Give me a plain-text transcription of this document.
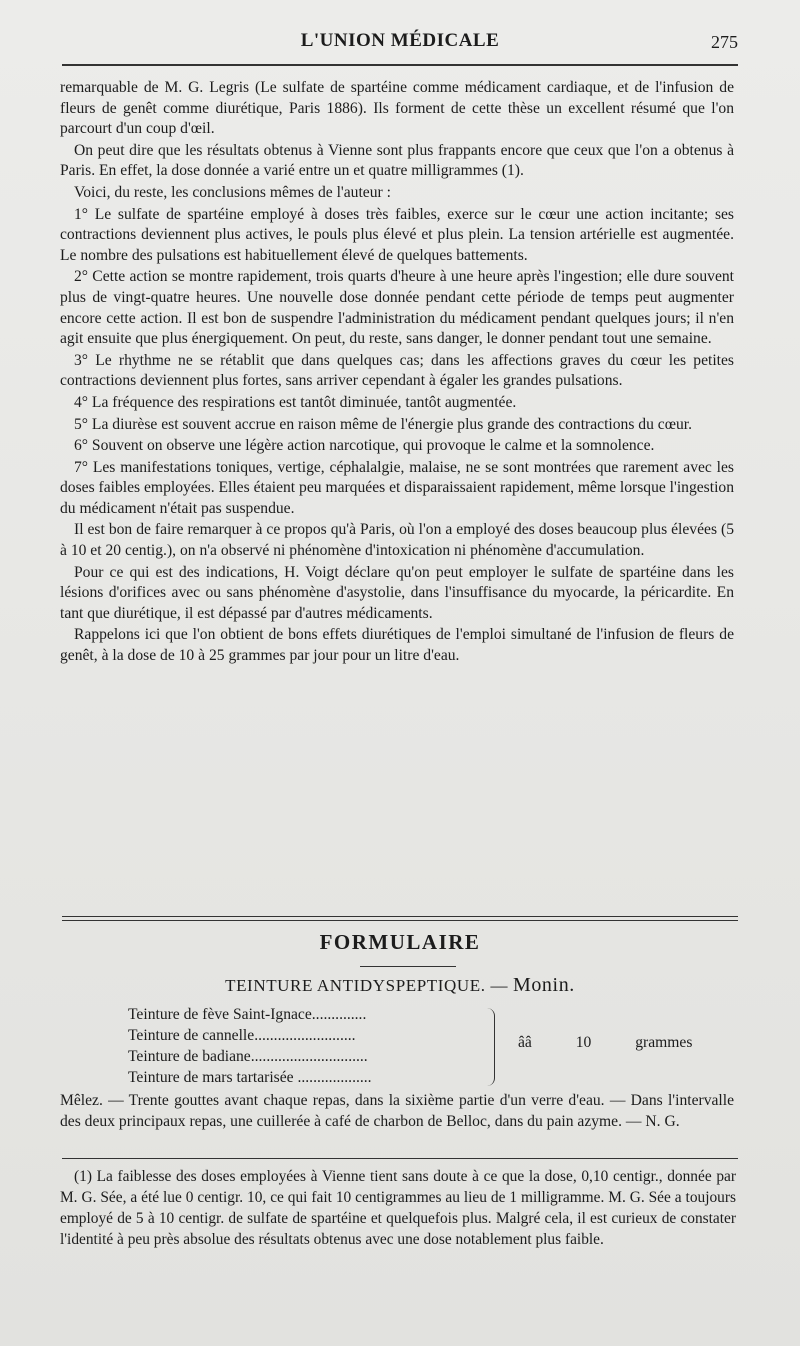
L'UNION MÉDICALE	275

remarquable de M. G. Legris (Le sulfate de spartéine comme médicament cardiaque, et de l'infusion de fleurs de genêt comme diurétique, Paris 1886). Ils forment de cette thèse un excellent résumé que l'on parcourt d'un coup d'œil.

On peut dire que les résultats obtenus à Vienne sont plus frappants encore que ceux que l'on a obtenus à Paris. En effet, la dose donnée a varié entre un et quatre milligrammes (1).

Voici, du reste, les conclusions mêmes de l'auteur :

1° Le sulfate de spartéine employé à doses très faibles, exerce sur le cœur une action incitante; ses contractions deviennent plus actives, le pouls plus élevé et plus plein. La tension artérielle est augmentée. Le nombre des pulsations est habituellement élevé de quelques battements.

2° Cette action se montre rapidement, trois quarts d'heure à une heure après l'ingestion; elle dure souvent plus de vingt-quatre heures. Une nouvelle dose donnée pendant cette période de temps peut augmenter encore cette action. Il est bon de suspendre l'administration du médicament pendant quelques jours; il n'en agit ensuite que plus énergiquement. On peut, du reste, sans danger, le donner pendant tout une semaine.

3° Le rhythme ne se rétablit que dans quelques cas; dans les affections graves du cœur les petites contractions deviennent plus fortes, sans arriver cependant à égaler les grandes pulsations.

4° La fréquence des respirations est tantôt diminuée, tantôt augmentée.

5° La diurèse est souvent accrue en raison même de l'énergie plus grande des contractions du cœur.

6° Souvent on observe une légère action narcotique, qui provoque le calme et la somnolence.

7° Les manifestations toniques, vertige, céphalalgie, malaise, ne se sont montrées que rarement avec les doses faibles employées. Elles étaient peu marquées et disparaissaient rapidement, même lorsque l'ingestion du médicament n'était pas suspendue.

Il est bon de faire remarquer à ce propos qu'à Paris, où l'on a employé des doses beaucoup plus élevées (5 à 10 et 20 centig.), on n'a observé ni phénomène d'intoxication ni phénomène d'accumulation.

Pour ce qui est des indications, H. Voigt déclare qu'on peut employer le sulfate de spartéine dans les lésions d'orifices avec ou sans phénomène d'asystolie, dans l'insuffisance du myocarde, la péricardite. En tant que diurétique, il est dépassé par d'autres médicaments.

Rappelons ici que l'on obtient de bons effets diurétiques de l'emploi simultané de l'infusion de fleurs de genêt, à la dose de 10 à 25 grammes par jour pour un litre d'eau.

FORMULAIRE
TEINTURE ANTIDYSPEPTIQUE. — Monin.
Teinture de fève Saint-Ignace..............
Teinture de cannelle..........................
Teinture de badiane..............................
Teinture de mars tartarisée ...................
ââ 10 grammes

Mêlez. — Trente gouttes avant chaque repas, dans la sixième partie d'un verre d'eau. — Dans l'intervalle des deux principaux repas, une cuillerée à café de charbon de Belloc, dans du pain azyme. — N. G.

(1) La faiblesse des doses employées à Vienne tient sans doute à ce que la dose, 0,10 centigr., donnée par M. G. Sée, a été lue 0 centigr. 10, ce qui fait 10 centigrammes au lieu de 1 milligramme. M. G. Sée a toujours employé de 5 à 10 centigr. de sulfate de spartéine et quelquefois plus. Malgré cela, il est curieux de constater l'identité à peu près absolue des résultats obtenus avec une dose notablement plus faible.
